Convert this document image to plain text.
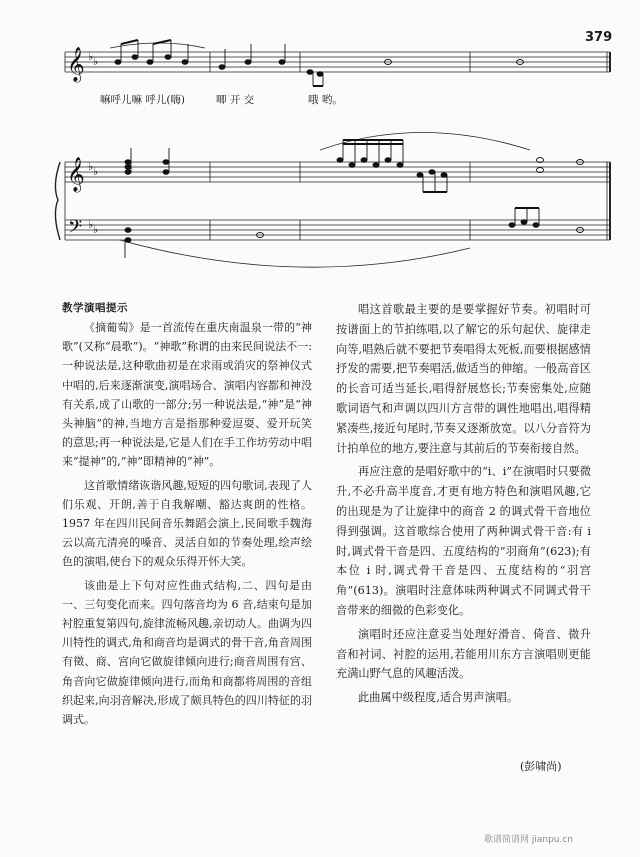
379
𝄞
𝄞
𝄢
♭ ♭
♭ ♭
♭ ♭
嘛呼儿嘛 呼儿(嗨)	唧 开 交	哦 哟。
教学演唱提示

《摘葡萄》是一首流传在重庆南温泉一带的“神歌”(又称“晨歌”)。“神歌”称谓的由来民间说法不一:一种说法是,这种歌曲初是在求雨或消灾的祭神仪式中唱的,后来逐渐演变,演唱场合、演唱内容都和神没有关系,成了山歌的一部分;另一种说法是,“神”是“神头神脑”的神,当地方言是指那种爱逗耍、爱开玩笑的意思;再一种说法是,它是人们在手工作坊劳动中唱来“提神”的,“神”即精神的“神”。

这首歌情绪诙谐风趣,短短的四句歌词,表现了人们乐观、开朗,善于自我解嘲、豁达爽朗的性格。1957 年在四川民间音乐舞蹈会演上,民间歌手魏海云以高亢清亮的嗓音、灵活自如的节奏处理,绘声绘色的演唱,使台下的观众乐得开怀大笑。

该曲是上下句对应性曲式结构,二、四句是由一、三句变化而来。四句落音均为 6 音,结束句是加衬腔重复第四句,旋律流畅风趣,亲切动人。曲调为四川特性的调式,角和商音均是调式的骨干音,角音周围有徵、商、宫向它做旋律倾向进行;商音周围有宫、角音向它做旋律倾向进行,而角和商都将周围的音组织起来,向羽音解决,形成了颇具特色的四川特征的羽调式。

唱这首歌最主要的是要掌握好节奏。初唱时可按谱面上的节拍练唱,以了解它的乐句起伏、旋律走向等,唱熟后就不要把节奏唱得太死板,而要根据感情抒发的需要,把节奏唱活,做适当的伸缩。一般高音区的长音可适当延长,唱得舒展悠长;节奏密集处,应随歌词语气和声调以四川方言带的调性地唱出,唱得精紧凑些,接近句尾时,节奏又逐渐放宽。以八分音符为计拍单位的地方,要注意与其前后的节奏衔接自然。

再应注意的是唱好歌中的“i、i”在演唱时只要微升,不必升高半度音,才更有地方特色和演唱风趣,它的出现是为了让旋律中的商音 2 的调式骨干音地位得到强调。这首歌综合使用了两种调式骨干音:有 i 时,调式骨干音是四、五度结构的“羽商角”(623);有本位 i 时,调式骨干音是四、五度结构的“羽宫角”(613)。演唱时注意体味两种调式不同调式骨干音带来的细微的色彩变化。

演唱时还应注意妥当处理好滑音、倚音、微升音和衬词、衬腔的运用,若能用川东方言演唱则更能充满山野气息的风趣活泼。

此曲属中级程度,适合男声演唱。

(彭啸尚)
歌谱简谱网 jianpu.cn
